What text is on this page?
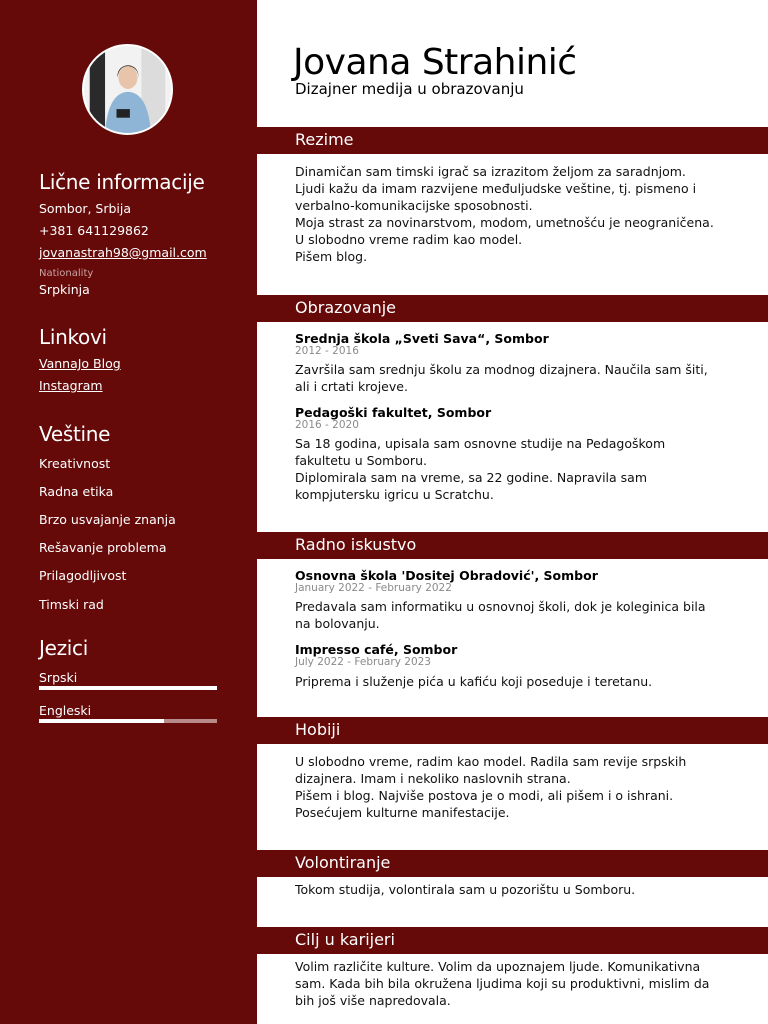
Lične informacije
Sombor, Srbija
+381 641129862
jovanastrah98@gmail.com
Nationality
Srpkinja
Linkovi
VannaJo Blog
Instagram
Veštine
Kreativnost
Radna etika
Brzo usvajanje znanja
Rešavanje problema
Prilagodljivost
Timski rad
Jezici
Srpski
Engleski
Jovana Strahinić
Dizajner medija u obrazovanju
Rezime
Dinamičan sam timski igrač sa izrazitom željom za saradnjom.
Ljudi kažu da imam razvijene međuljudske veštine, tj. pismeno i
verbalno-komunikacijske sposobnosti.
Moja strast za novinarstvom, modom, umetnošću je neograničena.
U slobodno vreme radim kao model.
Pišem blog.
Obrazovanje
Srednja škola „Sveti Sava“, Sombor
2012 - 2016
Završila sam srednju školu za modnog dizajnera. Naučila sam šiti,
ali i crtati krojeve.
Pedagoški fakultet, Sombor
2016 - 2020
Sa 18 godina, upisala sam osnovne studije na Pedagoškom
fakultetu u Somboru.
Diplomirala sam na vreme, sa 22 godine. Napravila sam
kompjutersku igricu u Scratchu.
Radno iskustvo
Osnovna škola 'Dositej Obradović', Sombor
January 2022 - February 2022
Predavala sam informatiku u osnovnoj školi, dok je koleginica bila
na bolovanju.
Impresso café, Sombor
July 2022 - February 2023
Priprema i služenje pića u kafiću koji poseduje i teretanu.
Hobiji
U slobodno vreme, radim kao model. Radila sam revije srpskih
dizajnera. Imam i nekoliko naslovnih strana.
Pišem i blog. Najviše postova je o modi, ali pišem i o ishrani.
Posećujem kulturne manifestacije.
Volontiranje
Tokom studija, volontirala sam u pozorištu u Somboru.
Cilj u karijeri
Volim različite kulture. Volim da upoznajem ljude. Komunikativna
sam. Kada bih bila okružena ljudima koji su produktivni, mislim da
bih još više napredovala.
